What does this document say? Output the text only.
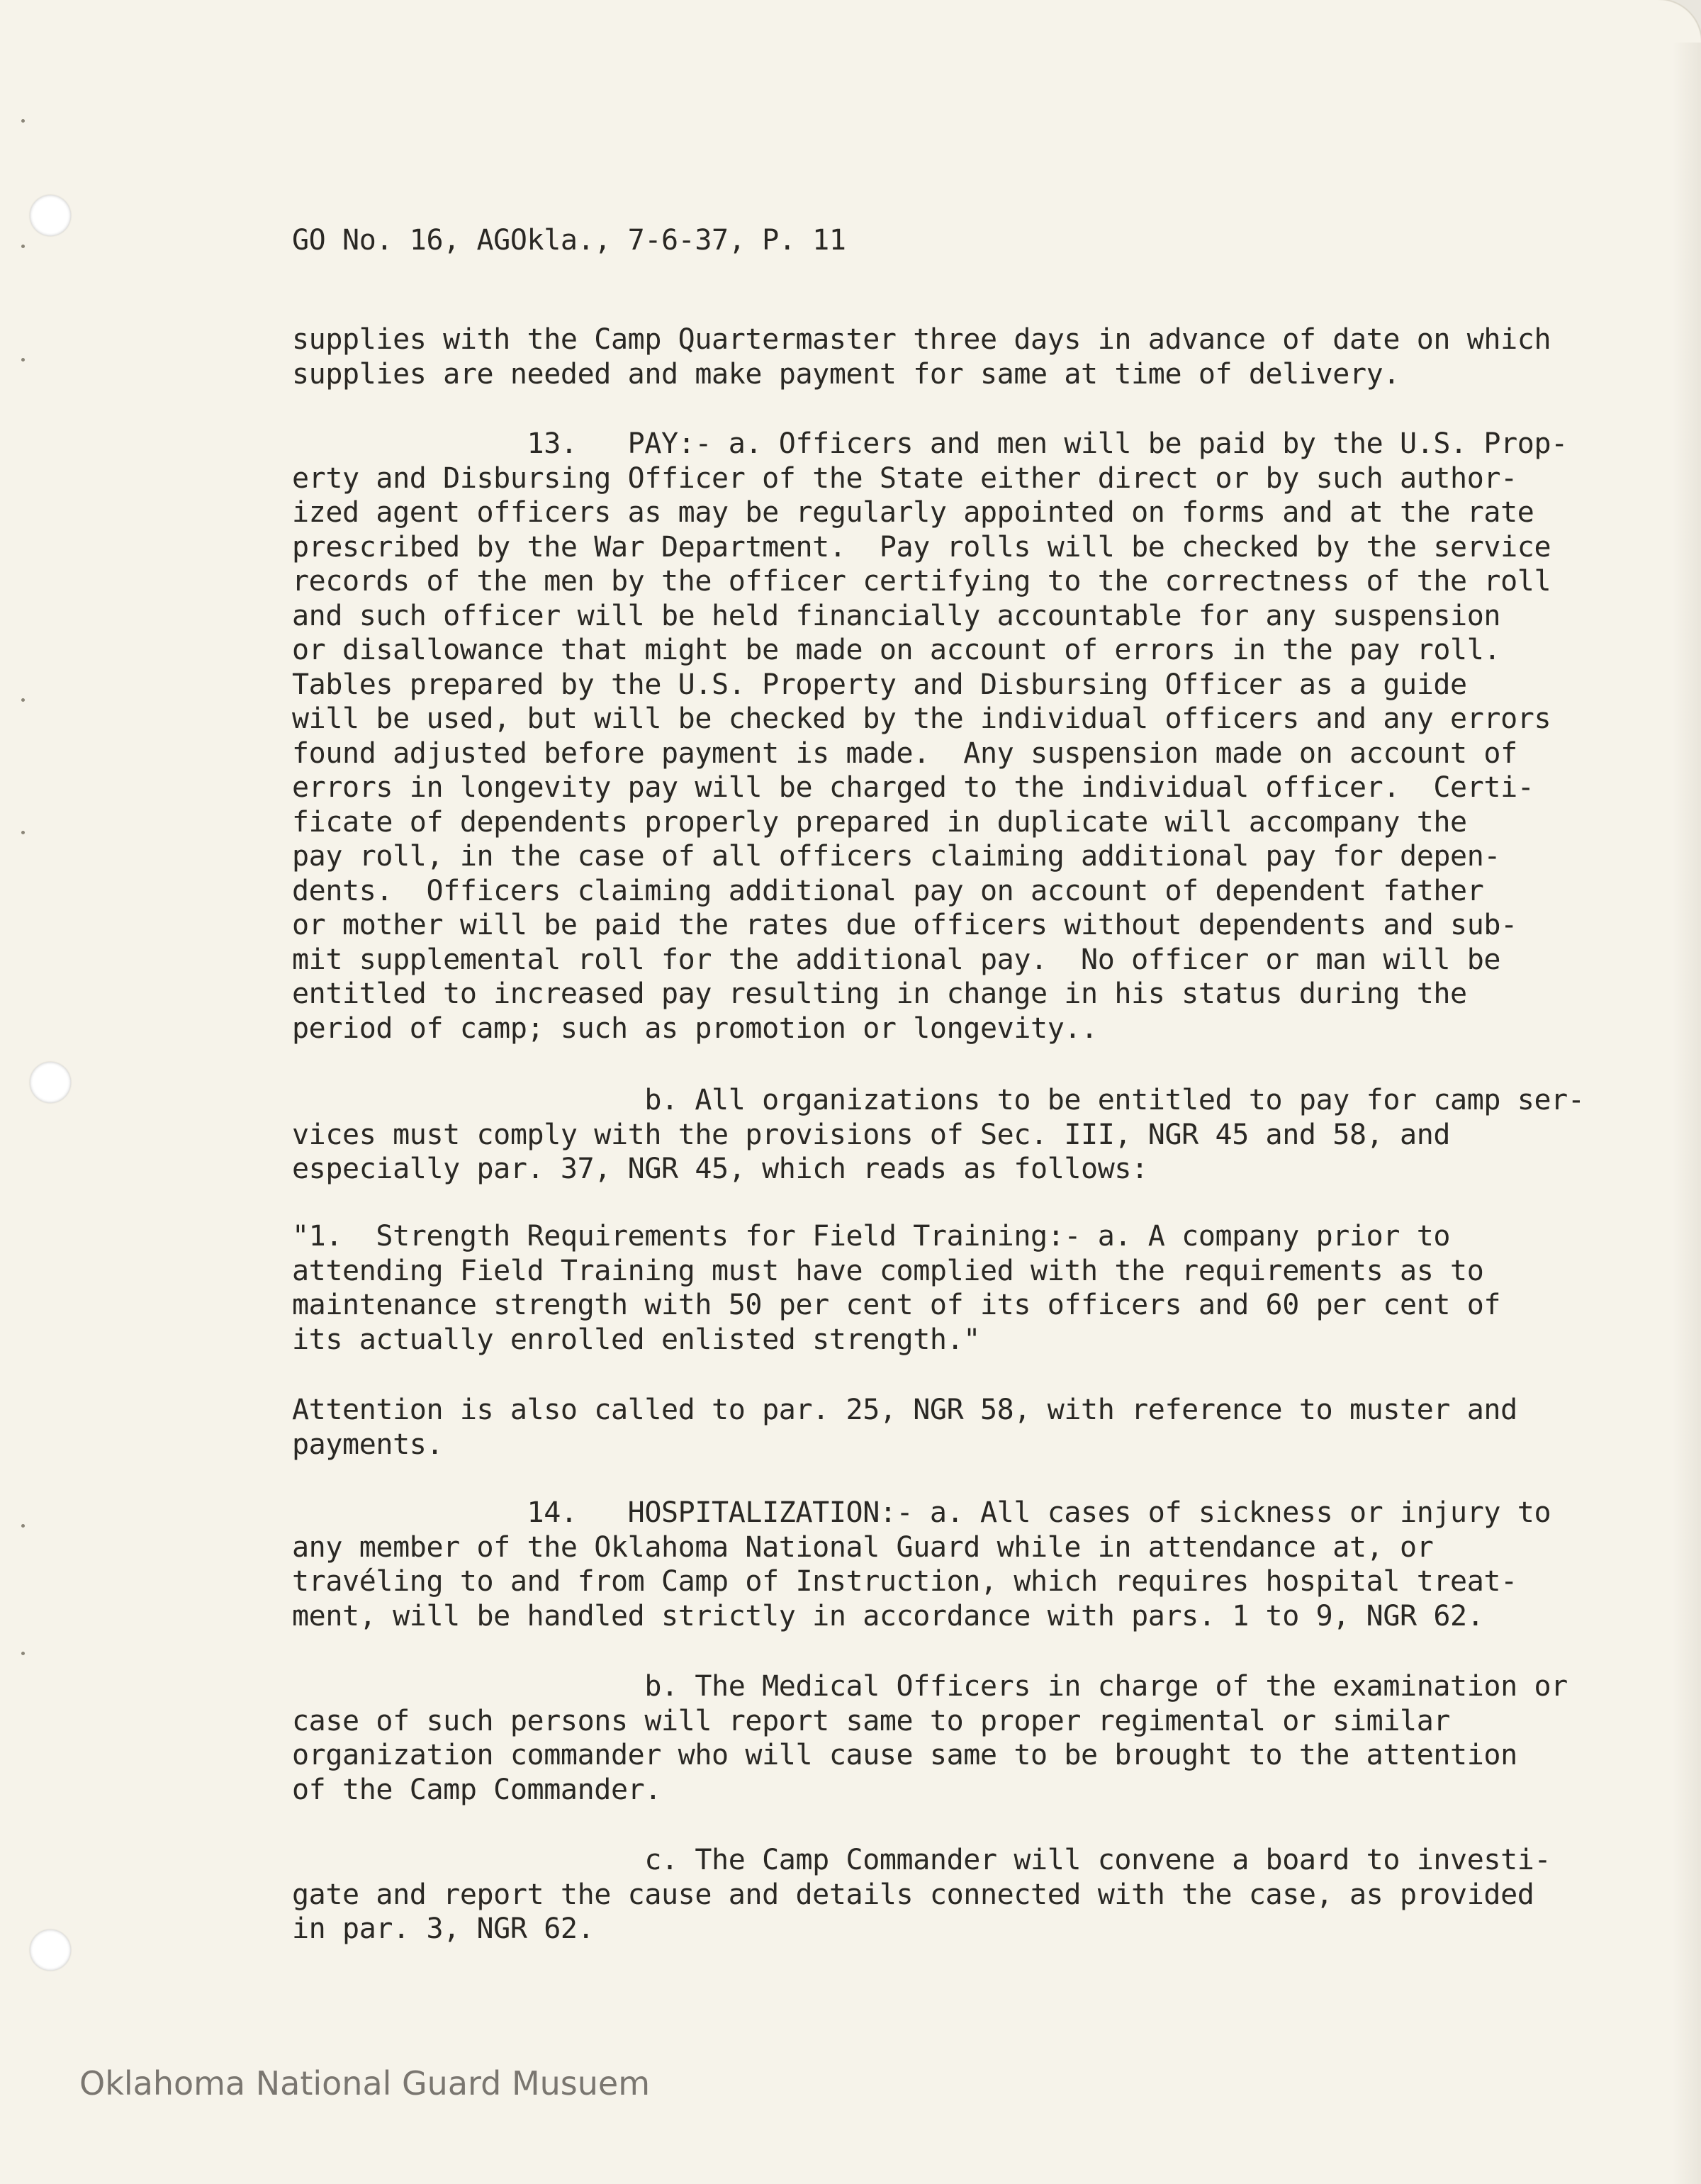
GO No. 16, AGOkla., 7-6-37, P. 11

supplies with the Camp Quartermaster three days in advance of date on which
supplies are needed and make payment for same at time of delivery.

13.   PAY:- a. Officers and men will be paid by the U.S. Prop-
erty and Disbursing Officer of the State either direct or by such author-
ized agent officers as may be regularly appointed on forms and at the rate
prescribed by the War Department.  Pay rolls will be checked by the service
records of the men by the officer certifying to the correctness of the roll
and such officer will be held financially accountable for any suspension
or disallowance that might be made on account of errors in the pay roll.
Tables prepared by the U.S. Property and Disbursing Officer as a guide
will be used, but will be checked by the individual officers and any errors
found adjusted before payment is made.  Any suspension made on account of
errors in longevity pay will be charged to the individual officer.  Certi-
ficate of dependents properly prepared in duplicate will accompany the
pay roll, in the case of all officers claiming additional pay for depen-
dents.  Officers claiming additional pay on account of dependent father
or mother will be paid the rates due officers without dependents and sub-
mit supplemental roll for the additional pay.  No officer or man will be
entitled to increased pay resulting in change in his status during the
period of camp; such as promotion or longevity..

b. All organizations to be entitled to pay for camp ser-
vices must comply with the provisions of Sec. III, NGR 45 and 58, and
especially par. 37, NGR 45, which reads as follows:

"1.  Strength Requirements for Field Training:- a. A company prior to
attending Field Training must have complied with the requirements as to
maintenance strength with 50 per cent of its officers and 60 per cent of
its actually enrolled enlisted strength."

Attention is also called to par. 25, NGR 58, with reference to muster and
payments.

14.   HOSPITALIZATION:- a. All cases of sickness or injury to
any member of the Oklahoma National Guard while in attendance at, or
travéling to and from Camp of Instruction, which requires hospital treat-
ment, will be handled strictly in accordance with pars. 1 to 9, NGR 62.

b. The Medical Officers in charge of the examination or
case of such persons will report same to proper regimental or similar
organization commander who will cause same to be brought to the attention
of the Camp Commander.

c. The Camp Commander will convene a board to investi-
gate and report the cause and details connected with the case, as provided
in par. 3, NGR 62.

Oklahoma National Guard Musuem
